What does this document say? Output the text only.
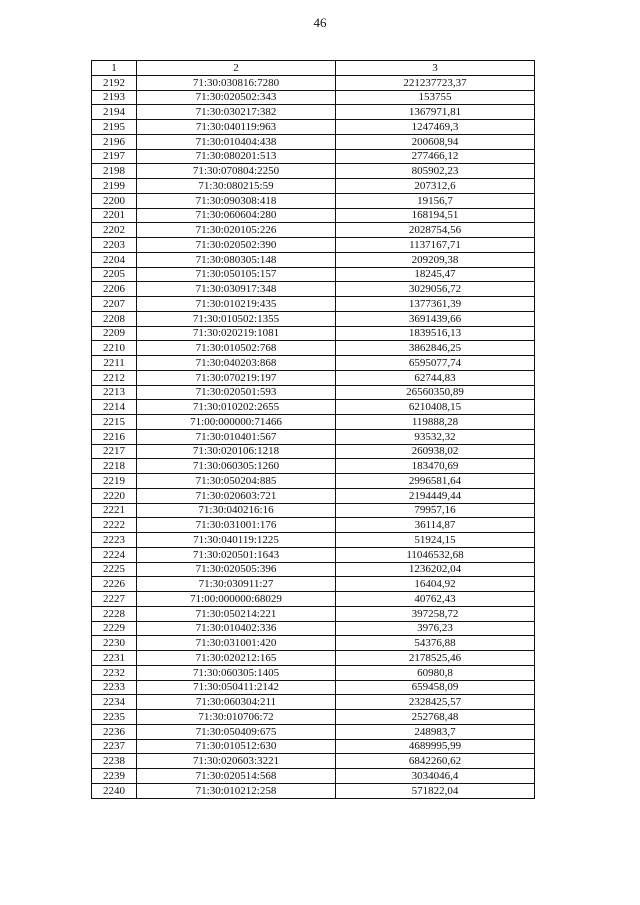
46
1	2	3
2192	71:30:030816:7280	221237723,37
2193	71:30:020502:343	153755
2194	71:30:030217:382	1367971,81
2195	71:30:040119:963	1247469,3
2196	71:30:010404:438	200608,94
2197	71:30:080201:513	277466,12
2198	71:30:070804:2250	805902,23
2199	71:30:080215:59	207312,6
2200	71:30:090308:418	19156,7
2201	71:30:060604:280	168194,51
2202	71:30:020105:226	2028754,56
2203	71:30:020502:390	1137167,71
2204	71:30:080305:148	209209,38
2205	71:30:050105:157	18245,47
2206	71:30:030917:348	3029056,72
2207	71:30:010219:435	1377361,39
2208	71:30:010502:1355	3691439,66
2209	71:30:020219:1081	1839516,13
2210	71:30:010502:768	3862846,25
2211	71:30:040203:868	6595077,74
2212	71:30:070219:197	62744,83
2213	71:30:020501:593	26560350,89
2214	71:30:010202:2655	6210408,15
2215	71:00:000000:71466	119888,28
2216	71:30:010401:567	93532,32
2217	71:30:020106:1218	260938,02
2218	71:30:060305:1260	183470,69
2219	71:30:050204:885	2996581,64
2220	71:30:020603:721	2194449,44
2221	71:30:040216:16	79957,16
2222	71:30:031001:176	36114,87
2223	71:30:040119:1225	51924,15
2224	71:30:020501:1643	11046532,68
2225	71:30:020505:396	1236202,04
2226	71:30:030911:27	16404,92
2227	71:00:000000:68029	40762,43
2228	71:30:050214:221	397258,72
2229	71:30:010402:336	3976,23
2230	71:30:031001:420	54376,88
2231	71:30:020212:165	2178525,46
2232	71:30:060305:1405	60980,8
2233	71:30:050411:2142	659458,09
2234	71:30:060304:211	2328425,57
2235	71:30:010706:72	252768,48
2236	71:30:050409:675	248983,7
2237	71:30:010512:630	4689995,99
2238	71:30:020603:3221	6842260,62
2239	71:30:020514:568	3034046,4
2240	71:30:010212:258	571822,04
